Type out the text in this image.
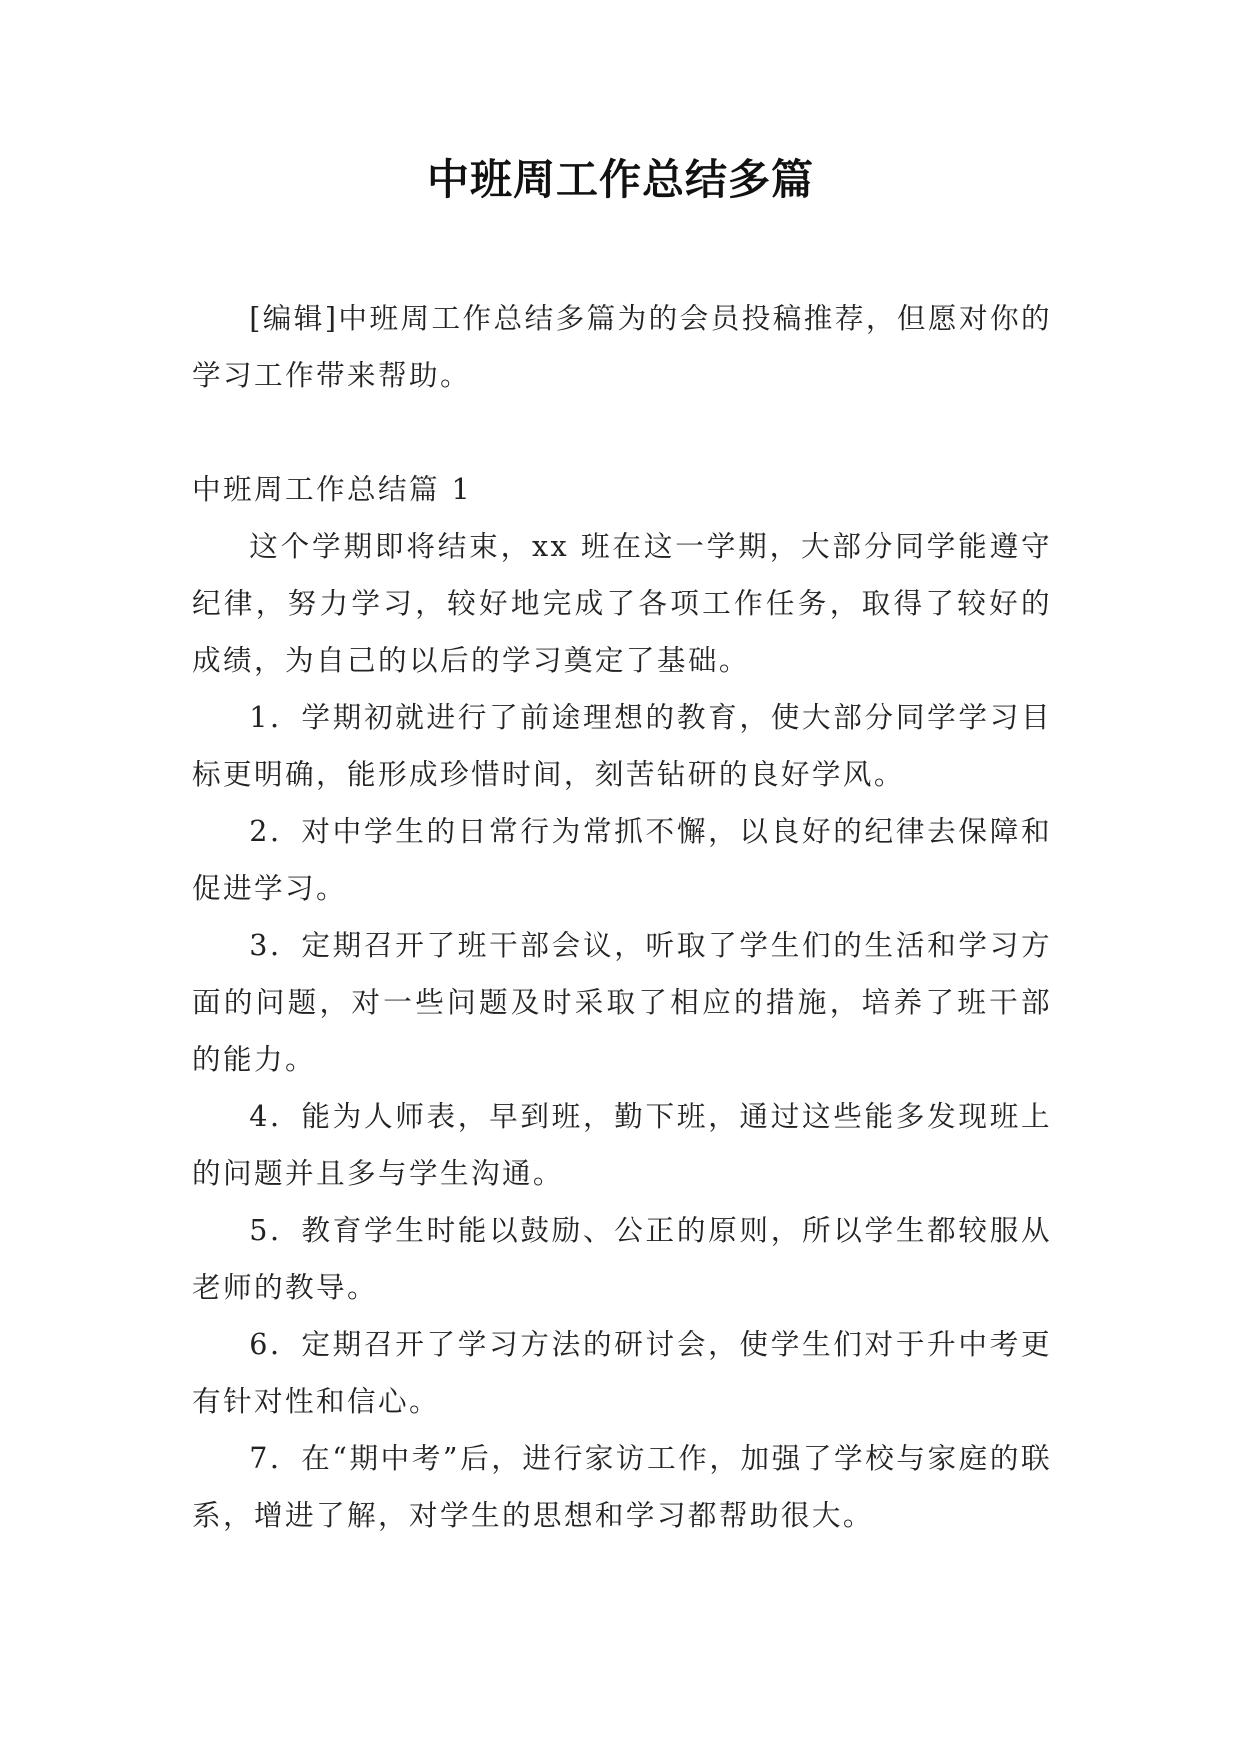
中班周工作总结多篇

[编辑]中班周工作总结多篇为的会员投稿推荐，但愿对你的学习工作带来帮助。

中班周工作总结篇 1

这个学期即将结束，xx 班在这一学期，大部分同学能遵守纪律，努力学习，较好地完成了各项工作任务，取得了较好的成绩，为自己的以后的学习奠定了基础。

1．学期初就进行了前途理想的教育，使大部分同学学习目标更明确，能形成珍惜时间，刻苦钻研的良好学风。

2．对中学生的日常行为常抓不懈，以良好的纪律去保障和促进学习。

3．定期召开了班干部会议，听取了学生们的生活和学习方面的问题，对一些问题及时采取了相应的措施，培养了班干部的能力。

4．能为人师表，早到班，勤下班，通过这些能多发现班上的问题并且多与学生沟通。

5．教育学生时能以鼓励、公正的原则，所以学生都较服从老师的教导。

6．定期召开了学习方法的研讨会，使学生们对于升中考更有针对性和信心。

7．在“期中考”后，进行家访工作，加强了学校与家庭的联系，增进了解，对学生的思想和学习都帮助很大。
